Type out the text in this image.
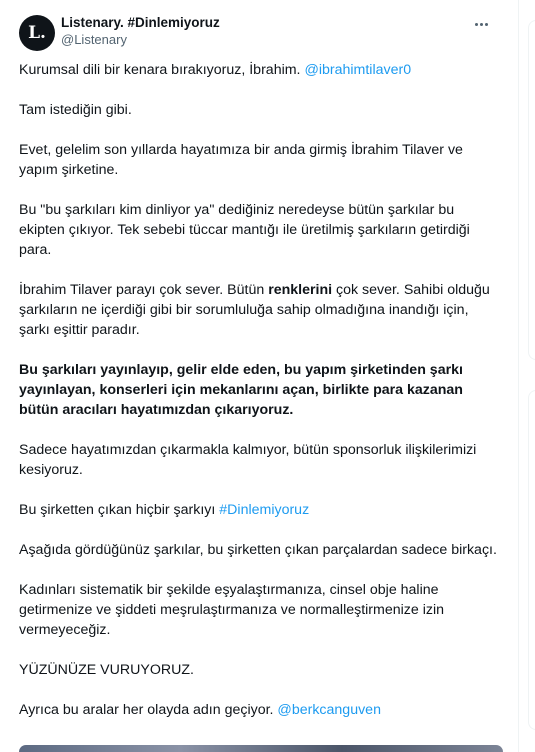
L.
Listenary. #Dinlemiyoruz
@Listenary

Kurumsal dili bir kenara bırakıyoruz, İbrahim. @ibrahimtilaver0

Tam istediğin gibi.

Evet, gelelim son yıllarda hayatımıza bir anda girmiş İbrahim Tilaver ve yapım şirketine.

Bu "bu şarkıları kim dinliyor ya" dediğiniz neredeyse bütün şarkılar bu ekipten çıkıyor. Tek sebebi tüccar mantığı ile üretilmiş şarkıların getirdiği para.

İbrahim Tilaver parayı çok sever. Bütün renklerini çok sever. Sahibi olduğu şarkıların ne içerdiği gibi bir sorumluluğa sahip olmadığına inandığı için, şarkı eşittir paradır.

Bu şarkıları yayınlayıp, gelir elde eden, bu yapım şirketinden şarkı yayınlayan, konserleri için mekanlarını açan, birlikte para kazanan bütün aracıları hayatımızdan çıkarıyoruz.

Sadece hayatımızdan çıkarmakla kalmıyor, bütün sponsorluk ilişkilerimizi kesiyoruz.

Bu şirketten çıkan hiçbir şarkıyı #Dinlemiyoruz

Aşağıda gördüğünüz şarkılar, bu şirketten çıkan parçalardan sadece birkaçı.

Kadınları sistematik bir şekilde eşyalaştırmanıza, cinsel obje haline getirmenize ve şiddeti meşrulaştırmanıza ve normalleştirmenize izin vermeyeceğiz.

YÜZÜNÜZE VURUYORUZ.

Ayrıca bu aralar her olayda adın geçiyor. @berkcanguven
